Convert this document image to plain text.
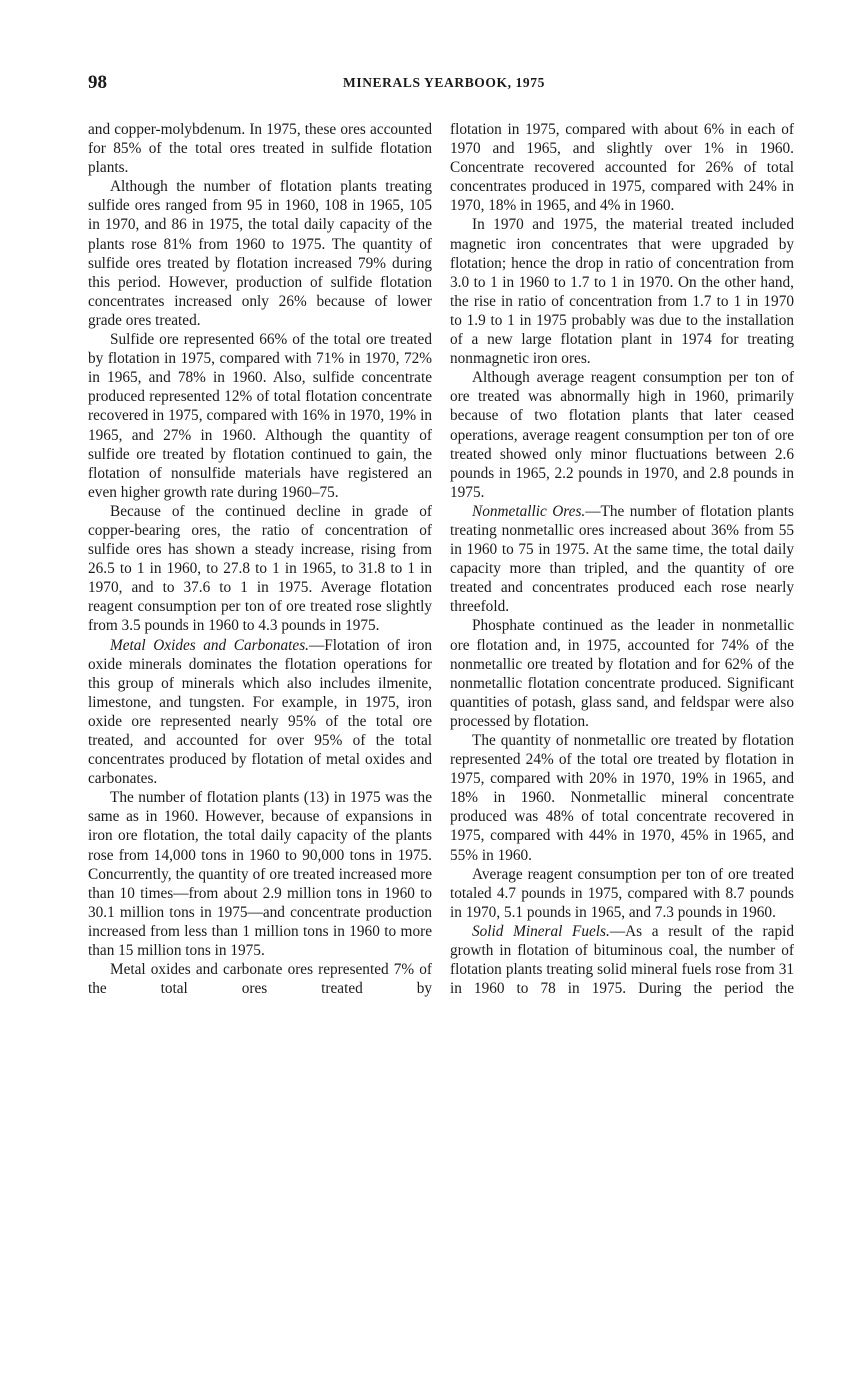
98	MINERALS YEARBOOK, 1975

and copper-molybdenum. In 1975, these ores accounted for 85% of the total ores treated in sulfide flotation plants.

Although the number of flotation plants treating sulfide ores ranged from 95 in 1960, 108 in 1965, 105 in 1970, and 86 in 1975, the total daily capacity of the plants rose 81% from 1960 to 1975. The quantity of sulfide ores treated by flotation increased 79% during this period. However, production of sulfide flotation concentrates increased only 26% because of lower grade ores treated.

Sulfide ore represented 66% of the total ore treated by flotation in 1975, compared with 71% in 1970, 72% in 1965, and 78% in 1960. Also, sulfide concentrate produced represented 12% of total flotation concentrate recovered in 1975, compared with 16% in 1970, 19% in 1965, and 27% in 1960. Although the quantity of sulfide ore treated by flotation continued to gain, the flotation of nonsulfide materials have registered an even higher growth rate during 1960–75.

Because of the continued decline in grade of copper-bearing ores, the ratio of concentration of sulfide ores has shown a steady increase, rising from 26.5 to 1 in 1960, to 27.8 to 1 in 1965, to 31.8 to 1 in 1970, and to 37.6 to 1 in 1975. Average flotation reagent consumption per ton of ore treated rose slightly from 3.5 pounds in 1960 to 4.3 pounds in 1975.

Metal Oxides and Carbonates.—Flotation of iron oxide minerals dominates the flotation operations for this group of minerals which also includes ilmenite, limestone, and tungsten. For example, in 1975, iron oxide ore represented nearly 95% of the total ore treated, and accounted for over 95% of the total concentrates produced by flotation of metal oxides and carbonates.

The number of flotation plants (13) in 1975 was the same as in 1960. However, because of expansions in iron ore flotation, the total daily capacity of the plants rose from 14,000 tons in 1960 to 90,000 tons in 1975. Concurrently, the quantity of ore treated increased more than 10 times—from about 2.9 million tons in 1960 to 30.1 million tons in 1975—and concentrate production increased from less than 1 million tons in 1960 to more than 15 million tons in 1975.

Metal oxides and carbonate ores represented 7% of the total ores treated by

flotation in 1975, compared with about 6% in each of 1970 and 1965, and slightly over 1% in 1960. Concentrate recovered accounted for 26% of total concentrates produced in 1975, compared with 24% in 1970, 18% in 1965, and 4% in 1960.

In 1970 and 1975, the material treated included magnetic iron concentrates that were upgraded by flotation; hence the drop in ratio of concentration from 3.0 to 1 in 1960 to 1.7 to 1 in 1970. On the other hand, the rise in ratio of concentration from 1.7 to 1 in 1970 to 1.9 to 1 in 1975 probably was due to the installation of a new large flotation plant in 1974 for treating nonmagnetic iron ores.

Although average reagent consumption per ton of ore treated was abnormally high in 1960, primarily because of two flotation plants that later ceased operations, average reagent consumption per ton of ore treated showed only minor fluctuations between 2.6 pounds in 1965, 2.2 pounds in 1970, and 2.8 pounds in 1975.

Nonmetallic Ores.—The number of flotation plants treating nonmetallic ores increased about 36% from 55 in 1960 to 75 in 1975. At the same time, the total daily capacity more than tripled, and the quantity of ore treated and concentrates produced each rose nearly threefold.

Phosphate continued as the leader in nonmetallic ore flotation and, in 1975, accounted for 74% of the nonmetallic ore treated by flotation and for 62% of the nonmetallic flotation concentrate produced. Significant quantities of potash, glass sand, and feldspar were also processed by flotation.

The quantity of nonmetallic ore treated by flotation represented 24% of the total ore treated by flotation in 1975, compared with 20% in 1970, 19% in 1965, and 18% in 1960. Nonmetallic mineral concentrate produced was 48% of total concentrate recovered in 1975, compared with 44% in 1970, 45% in 1965, and 55% in 1960.

Average reagent consumption per ton of ore treated totaled 4.7 pounds in 1975, compared with 8.7 pounds in 1970, 5.1 pounds in 1965, and 7.3 pounds in 1960.

Solid Mineral Fuels.—As a result of the rapid growth in flotation of bituminous coal, the number of flotation plants treating solid mineral fuels rose from 31 in 1960 to 78 in 1975. During the period the
